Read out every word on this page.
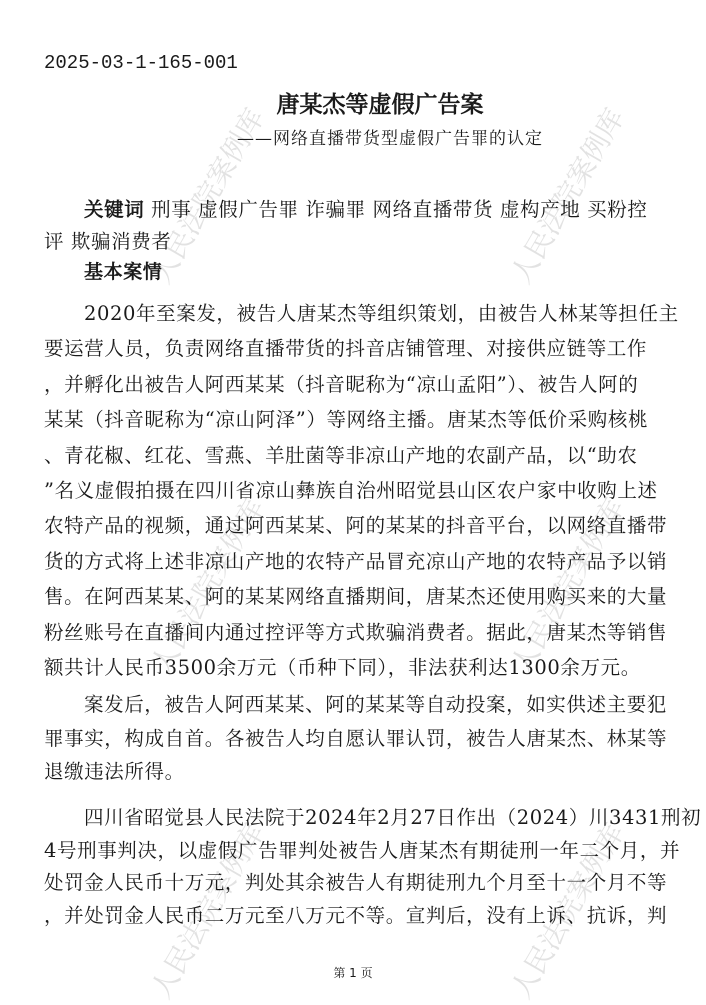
人民法院案例库	人民法院案例库
人民法院案例库	人民法院案例库
人民法院案例库	人民法院案例库
2025-03-1-165-001
唐某杰等虚假广告案
——网络直播带货型虚假广告罪的认定
关键词 刑事 虚假广告罪 诈骗罪 网络直播带货 虚构产地 买粉控
评 欺骗消费者
基本案情
2020年至案发，被告人唐某杰等组织策划，由被告人林某等担任主
要运营人员，负责网络直播带货的抖音店铺管理、对接供应链等工作
，并孵化出被告人阿西某某（抖音昵称为“凉山孟阳”）、被告人阿的
某某（抖音昵称为“凉山阿泽”）等网络主播。唐某杰等低价采购核桃
、青花椒、红花、雪燕、羊肚菌等非凉山产地的农副产品，以“助农
”名义虚假拍摄在四川省凉山彝族自治州昭觉县山区农户家中收购上述
农特产品的视频，通过阿西某某、阿的某某的抖音平台，以网络直播带
货的方式将上述非凉山产地的农特产品冒充凉山产地的农特产品予以销
售。在阿西某某、阿的某某网络直播期间，唐某杰还使用购买来的大量
粉丝账号在直播间内通过控评等方式欺骗消费者。据此，唐某杰等销售
额共计人民币3500余万元（币种下同），非法获利达1300余万元。
案发后，被告人阿西某某、阿的某某等自动投案，如实供述主要犯
罪事实，构成自首。各被告人均自愿认罪认罚，被告人唐某杰、林某等
退缴违法所得。
四川省昭觉县人民法院于2024年2月27日作出（2024）川3431刑初
4号刑事判决，以虚假广告罪判处被告人唐某杰有期徒刑一年二个月，并
处罚金人民币十万元，判处其余被告人有期徒刑九个月至十一个月不等
，并处罚金人民币二万元至八万元不等。宣判后，没有上诉、抗诉，判
第 1 页
